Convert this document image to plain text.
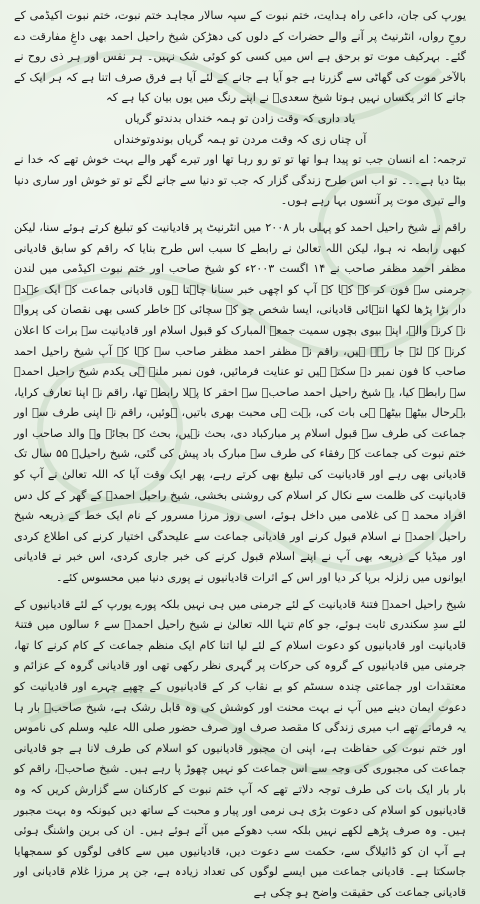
یورپ کی جان، داعی راہ ہدایت، ختم نبوت کے سپہ سالار مجاہد ختم نبوت، ختم نبوت اکیڈمی کے روحِ رواں، انٹرنیٹ پر آنے والے حضرات کے دلوں کی دھڑکن شیخ راحیل احمد بھی داغِ مفارقت دے گئے۔ بہرکیف موت تو برحق ہے اس میں کسی کو کوئی شک نہیں۔ ہر نفس اور ہر ذی روح نے بالآخر موت کی گھاٹی سے گزرنا ہے جو آیا ہے جانے کے لئے آیا ہے فرق صرف اتنا ہے کہ ہر ایک کے جانے کا اثر یکساں نہیں ہوتا شیخ سعدیؒ نے اپنے رنگ میں یوں بیان کیا ہے کہ

یاد داری کہ وقت زادن تو ہمہ خنداں بدندتو گریاں
آں چناں زی کہ وقت مردن تو ہمہ گریاں بوندوتوخنداں

ترجمہ: اے انسان جب تو پیدا ہوا تھا تو تو رو رہا تھا اور تیرے گھر والے بہت خوش تھے کہ خدا نے بیٹا دیا ہے۔۔۔ تو اب اس طرح زندگی گزار کہ جب تو دنیا سے جانے لگے تو تو خوش اور ساری دنیا والے تیری موت پر آنسوں بہا رہے ہوں۔

راقم نے شیخ راحیل احمد کو پہلی بار ۲۰۰۸ میں انٹرنیٹ پر قادیانیت کو تبلیغ کرتے ہوئے سنا، لیکن کبھی رابطہ نہ ہوا، لیکن اللہ تعالیٰ نے رابطے کا سبب اس طرح بنایا کہ راقم کو سابق قادیانی مظفر احمد مظفر صاحب نے ۱۴ اگست ۲۰۰۳ء کو شیخ صاحب اور ختم نبوت اکیڈمی میں لندن جرمنی سے فون کر کے کہا کہ آپ کو اچھی خبر سنانا چاہتا ہوں قادیانی جماعت کے ایک عہدے دار بڑا پڑھا لکھا انتہائی قادیانی، ایسا شخص جو کہ سچائی کے خاطر کسی بھی نقصان کی پرواہ نہ کرنے والے، اپنے بیوی بچوں سمیت جمعۃ المبارک کو قبول اسلام اور قادیانیت سے برات کا اعلان کرنے کے لئے جا رہے ہیں، راقم نے مظفر احمد مظفر صاحب سے کہا کہ آپ شیخ راحیل احمد صاحب کا فون نمبر دے سکتے ہیں تو عنایت فرمائیں، فون نمبر ملنے ہی یکدم شیخ راحیل احمدؒ سے رابطہ کیا، یہ شیخ راحیل احمد صاحبؒ سے احقر کا پہلا رابطہ تھا، راقم نے اپنا تعارف کرایا، بہرحال بیٹھے بیٹھے ہی بات کی، بہت ہی محبت بھری باتیں، ہوئیں، راقم نے اپنی طرف سے اور جماعت کی طرف سے قبول اسلام پر مبارکباد دی، بحث نہیں، بحث کے بجائے وہ والد صاحب اور ختم نبوت کی جماعت کے رفقاء کی طرف سے مبارک باد پیش کی گئی، شیخ راحیلؒ ۵۵ سال تک قادیانی بھی رہے اور قادیانیت کی تبلیغ بھی کرتے رہے، پھر ایک وقت آیا کہ اللہ تعالیٰ نے آپ کو قادیانیت کی ظلمت سے نکال کر اسلام کی روشنی بخشی، شیخ راحیل احمدؒ کے گھر کے کل دس افراد محمد ﷺ کی غلامی میں داخل ہوئے، اسی روز مرزا مسرور کے نام ایک خط کے ذریعہ شیخ راحیل احمدؒ نے اسلام قبول کرنے اور قادیانی جماعت سے علیحدگی اختیار کرنے کی اطلاع کردی اور میڈیا کے ذریعہ بھی آپ نے اپنے اسلام قبول کرنے کی خبر جاری کردی، اس خبر نے قادیانی ایوانوں میں زلزلہ برپا کر دیا اور اس کے اثرات قادیانیوں نے پوری دنیا میں محسوس کئے۔

شیخ راحیل احمدؒ فتنۂ قادیانیت کے لئے جرمنی میں ہی نہیں بلکہ پورے یورپ کے لئے قادیانیوں کے لئے سدِ سکندری ثابت ہوئے، جو کام تنہا اللہ تعالیٰ نے شیخ راحیل احمدؒ سے ۶ سالوں میں فتنۂ قادیانیت اور قادیانیوں کو دعوت اسلام کے لئے لیا اتنا کام ایک منظم جماعت کے کام کرنے کا تھا، جرمنی میں قادیانیوں کے گروہ کی حرکات پر گہری نظر رکھی تھی اور قادیانی گروہ کے عزائم و معتقدات اور جماعتی چندہ سسٹم کو بے نقاب کر کے قادیانیوں کے چھپے چہرے اور قادیانیت کو دعوت ایمان دینے میں آپ نے بہت محنت اور کوشش کی وہ قابل رشک ہے، شیخ صاحبؒ بار ہا یہ فرماتے تھے اب میری زندگی کا مقصد صرف اور صرف حضور صلی اللہ علیہ وسلم کی ناموس اور ختم نبوت کی حفاظت ہے، اپنی ان مجبور قادیانیوں کو اسلام کی طرف لانا ہے جو قادیانی جماعت کی مجبوری کی وجہ سے اس جماعت کو نہیں چھوڑ پا رہے ہیں۔ شیخ صاحبؒ، راقم کو بار بار ایک بات کی طرف توجہ دلاتے تھے کہ آپ ختم نبوت کے کارکنان سے گزارش کریں کہ وہ قادیانیوں کو اسلام کی دعوت بڑی ہی نرمی اور پیار و محبت کے ساتھ دیں کیونکہ وہ بہت مجبور ہیں۔ وہ صرف پڑھے لکھے نہیں بلکہ سب دھوکے میں آئے ہوئے ہیں۔ ان کی برین واشنگ ہوئی ہے آپ ان کو ڈائیلاگ سے، حکمت سے دعوت دیں، قادیانیوں میں سے کافی لوگوں کو سمجھایا جاسکتا ہے۔ قادیانی جماعت میں ایسے لوگوں کی تعداد زیادہ ہے، جن پر مرزا غلام قادیانی اور قادیانی جماعت کی حقیقت واضح ہو چکی ہے
